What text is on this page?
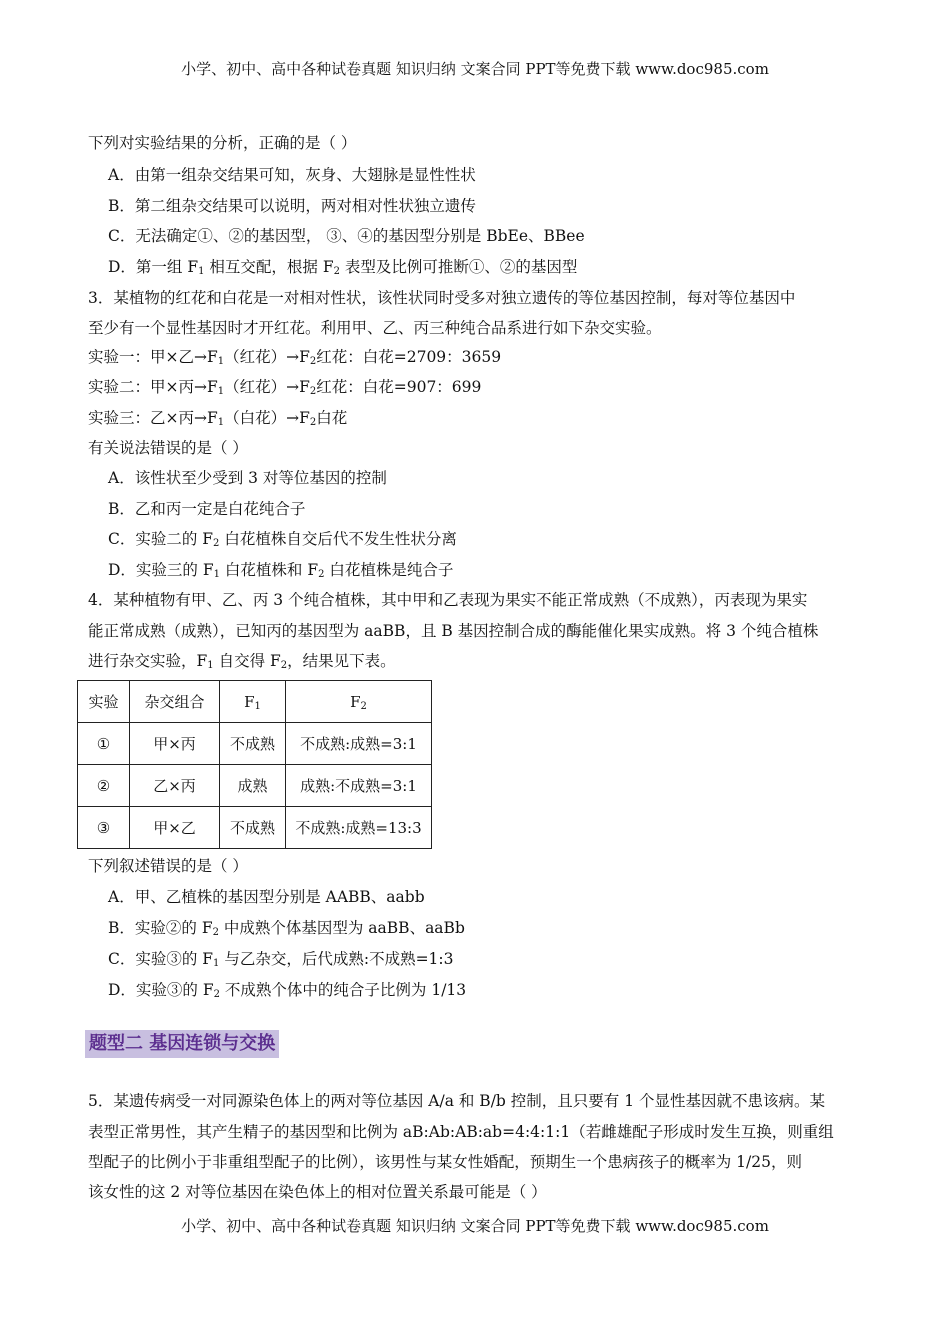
小学、初中、高中各种试卷真题 知识归纳 文案合同 PPT等免费下载 www.doc985.com
下列对实验结果的分析，正确的是（ ）
A．由第一组杂交结果可知，灰身、大翅脉是显性性状
B．第二组杂交结果可以说明，两对相对性状独立遗传
C．无法确定①、②的基因型， ③、④的基因型分别是 BbEe、BBee
D．第一组 $F_1$ 相互交配，根据 $F_2$ 表型及比例可推断①、②的基因型
3．某植物的红花和白花是一对相对性状，该性状同时受多对独立遗传的等位基因控制，每对等位基因中
至少有一个显性基因时才开红花。利用甲、乙、丙三种纯合品系进行如下杂交实验。
实验一：甲×乙$\to F_1$（红花）$\to F_2$红花：白花=2709：3659
实验二：甲×丙$\to F_1$（红花）$\to F_2$红花：白花=907：699
实验三：乙×丙$\to F_1$（白花）$\to F_2$白花
有关说法错误的是（ ）
A．该性状至少受到 3 对等位基因的控制
B．乙和丙一定是白花纯合子
C．实验二的 $F_2$ 白花植株自交后代不发生性状分离
D．实验三的 $F_1$ 白花植株和 $F_2$ 白花植株是纯合子
4．某种植物有甲、乙、丙 3 个纯合植株，其中甲和乙表现为果实不能正常成熟（不成熟），丙表现为果实
能正常成熟（成熟），已知丙的基因型为 aaBB，且 B 基因控制合成的酶能催化果实成熟。将 3 个纯合植株
进行杂交实验，$F_1$ 自交得 $F_2$，结果见下表。
实验	杂交组合	$F_1$	$F_2$
①	甲×丙	不成熟	不成熟:成熟=3:1
②	乙×丙	成熟	成熟:不成熟=3:1
③	甲×乙	不成熟	不成熟:成熟=13:3
下列叙述错误的是（ ）
A．甲、乙植株的基因型分别是 AABB、aabb
B．实验②的 $F_2$ 中成熟个体基因型为 aaBB、aaBb
C．实验③的 $F_1$ 与乙杂交，后代成熟:不成熟=1:3
D．实验③的 $F_2$ 不成熟个体中的纯合子比例为 1/13
题型二 基因连锁与交换
5．某遗传病受一对同源染色体上的两对等位基因 A/a 和 B/b 控制，且只要有 1 个显性基因就不患该病。某
表型正常男性，其产生精子的基因型和比例为 aB:Ab:AB:ab=4:4:1:1（若雌雄配子形成时发生互换，则重组
型配子的比例小于非重组型配子的比例），该男性与某女性婚配，预期生一个患病孩子的概率为 1/25，则
该女性的这 2 对等位基因在染色体上的相对位置关系最可能是（ ）
小学、初中、高中各种试卷真题 知识归纳 文案合同 PPT等免费下载 www.doc985.com
